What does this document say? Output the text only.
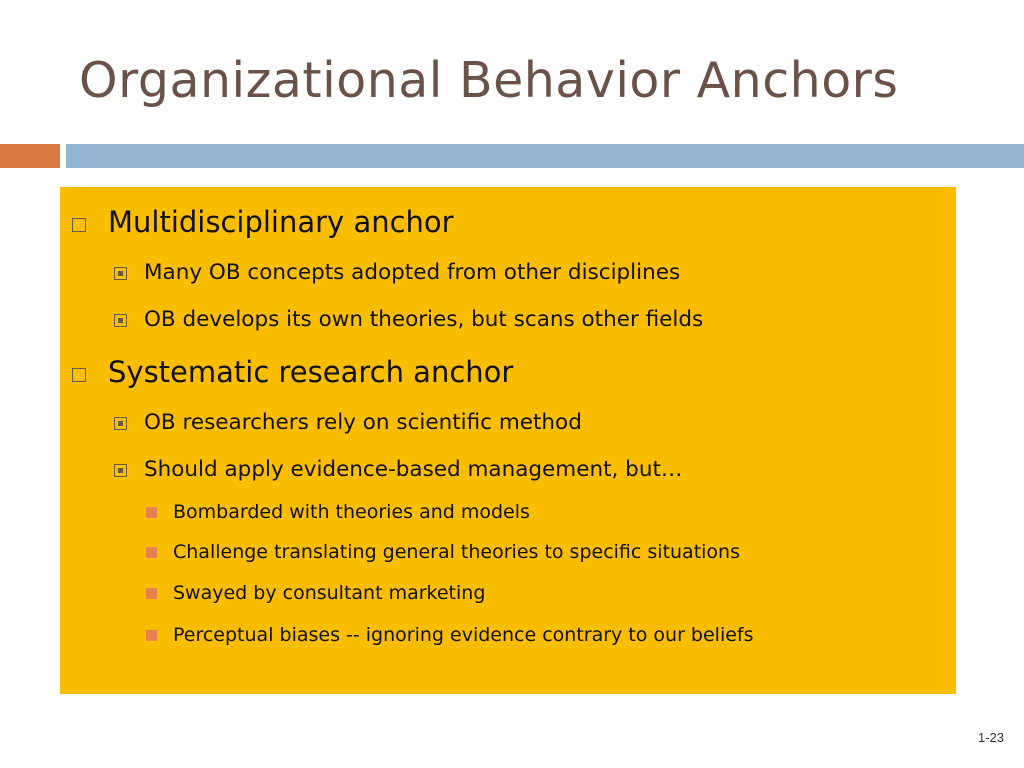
Organizational Behavior Anchors
Multidisciplinary anchor
Many OB concepts adopted from other disciplines
OB develops its own theories, but scans other fields
Systematic research anchor
OB researchers rely on scientific method
Should apply evidence-based management, but…
Bombarded with theories and models
Challenge translating general theories to specific situations
Swayed by consultant marketing
Perceptual biases -- ignoring evidence contrary to our beliefs
1-23
